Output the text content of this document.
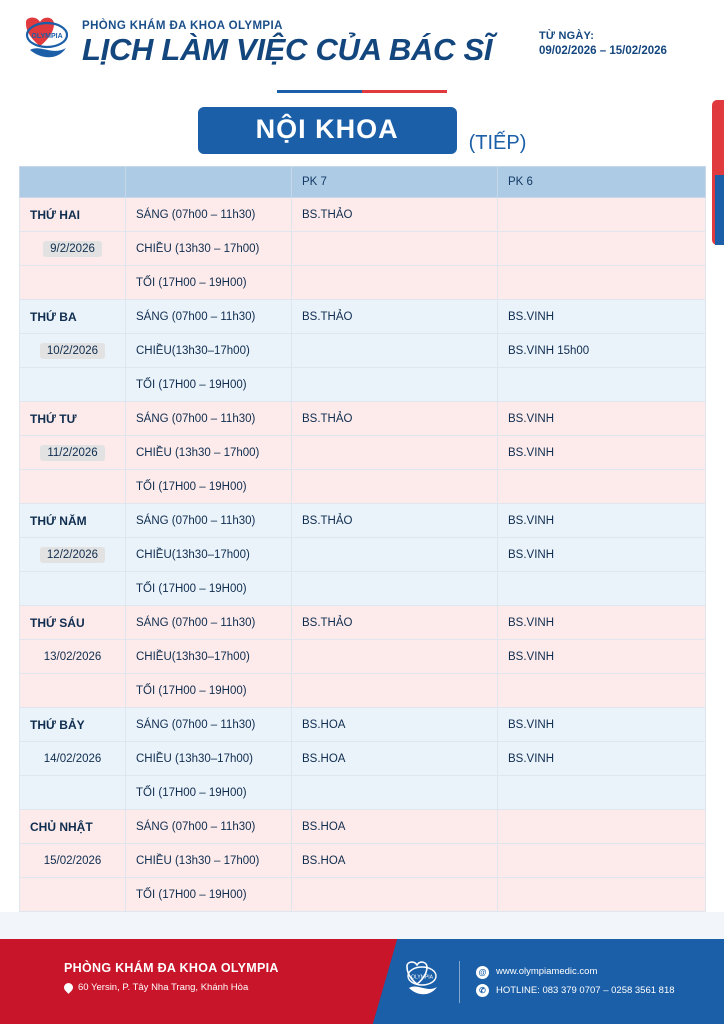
OLYMPIA
PHÒNG KHÁM ĐA KHOA OLYMPIA
LỊCH LÀM VIỆC CỦA BÁC SĨ	TỪ NGÀY:
09/02/2026 – 15/02/2026
NỘI KHOA	(TIẾP)
		PK 7	PK 6
THỨ HAI	SÁNG (07h00 – 11h30)	BS.THẢO	
9/2/2026	CHIỀU (13h30 – 17h00)		
	TỐI (17H00 – 19H00)		
THỨ BA	SÁNG (07h00 – 11h30)	BS.THẢO	BS.VINH
10/2/2026	CHIỀU(13h30–17h00)		BS.VINH 15h00
	TỐI (17H00 – 19H00)		
THỨ TƯ	SÁNG (07h00 – 11h30)	BS.THẢO	BS.VINH
11/2/2026	CHIỀU (13h30 – 17h00)		BS.VINH
	TỐI (17H00 – 19H00)		
THỨ NĂM	SÁNG (07h00 – 11h30)	BS.THẢO	BS.VINH
12/2/2026	CHIỀU(13h30–17h00)		BS.VINH
	TỐI (17H00 – 19H00)		
THỨ SÁU	SÁNG (07h00 – 11h30)	BS.THẢO	BS.VINH
13/02/2026	CHIỀU(13h30–17h00)		BS.VINH
	TỐI (17H00 – 19H00)		
THỨ BẢY	SÁNG (07h00 – 11h30)	BS.HOA	BS.VINH
14/02/2026	CHIỀU (13h30–17h00)	BS.HOA	BS.VINH
	TỐI (17H00 – 19H00)		
CHỦ NHẬT	SÁNG (07h00 – 11h30)	BS.HOA	
15/02/2026	CHIỀU (13h30 – 17h00)	BS.HOA	
	TỐI (17H00 – 19H00)		
PHÒNG KHÁM ĐA KHOA OLYMPIA
60 Yersin, P. Tây Nha Trang, Khánh Hòa
OLYMPIA
@ www.olympiamedic.com
✆	HOTLINE: 083 379 0707 – 0258 3561 818
